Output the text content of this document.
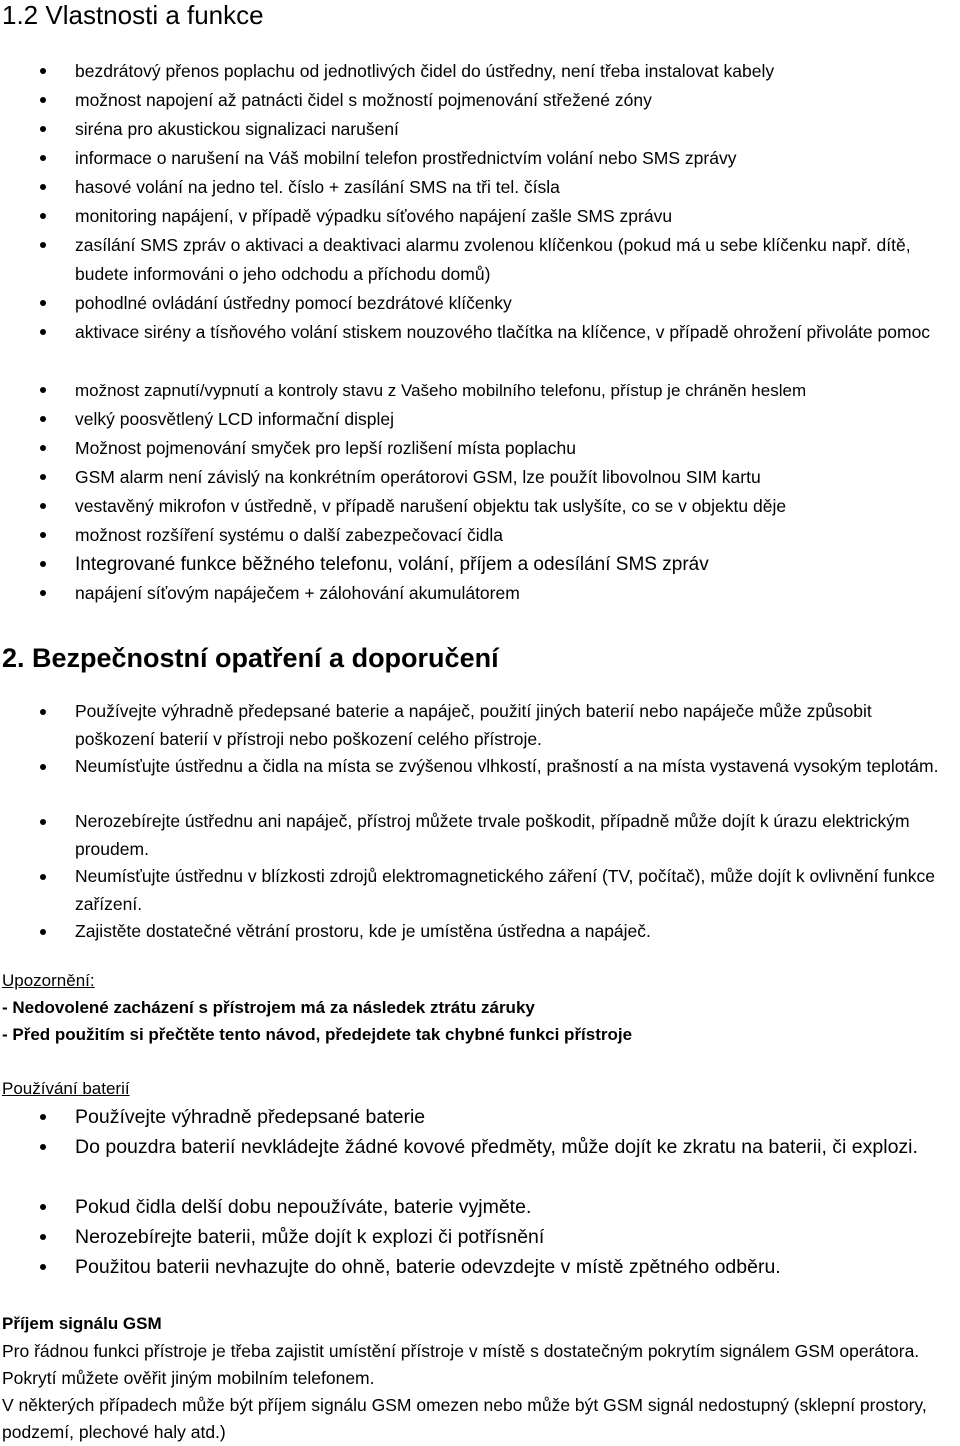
1.2 Vlastnosti a funkce
bezdrátový přenos poplachu od jednotlivých čidel do ústředny, není třeba instalovat kabely
možnost napojení až patnácti čidel s možností pojmenování střežené zóny
siréna pro akustickou signalizaci narušení
informace o narušení na Váš mobilní telefon prostřednictvím volání nebo SMS zprávy
hasové volání na jedno tel. číslo + zasílání SMS na tři tel. čísla
monitoring napájení, v případě výpadku síťového napájení zašle SMS zprávu
zasílání SMS zpráv o aktivaci a deaktivaci alarmu zvolenou klíčenkou (pokud má u sebe klíčenku např. dítě, budete informováni o jeho odchodu a příchodu domů)
pohodlné ovládání ústředny pomocí bezdrátové klíčenky
aktivace sirény a tísňového volání stiskem nouzového tlačítka na klíčence, v případě ohrožení přivoláte pomoc
možnost zapnutí/vypnutí a kontroly stavu z Vašeho mobilního telefonu, přístup je chráněn heslem
velký poosvětlený LCD informační displej
Možnost pojmenování smyček pro lepší rozlišení místa poplachu
GSM alarm není závislý na konkrétním operátorovi GSM, lze použít libovolnou SIM kartu
vestavěný mikrofon v ústředně, v případě narušení objektu tak uslyšíte, co se v objektu děje
možnost rozšíření systému o další zabezpečovací čidla
Integrované funkce běžného telefonu, volání, příjem a odesílání SMS zpráv
napájení síťovým napáječem + zálohování akumulátorem
2. Bezpečnostní opatření a doporučení
Používejte výhradně předepsané baterie a napáječ, použití jiných baterií nebo napáječe může způsobit poškození baterií v přístroji nebo poškození celého přístroje.
Neumísťujte ústřednu a čidla na místa se zvýšenou vlhkostí, prašností a na místa vystavená vysokým teplotám.
Nerozebírejte ústřednu ani napáječ, přístroj můžete trvale poškodit, případně může dojít k úrazu elektrickým proudem.
Neumísťujte ústřednu v blízkosti zdrojů elektromagnetického záření (TV, počítač), může dojít k ovlivnění funkce zařízení.
Zajistěte dostatečné větrání prostoru, kde je umístěna ústředna a napáječ.
Upozornění:
- Nedovolené zacházení s přístrojem má za následek ztrátu záruky
- Před použitím si přečtěte tento návod, předejdete tak chybné funkci přístroje
Používání baterií
Používejte výhradně předepsané baterie
Do pouzdra baterií nevkládejte žádné kovové předměty, může dojít ke zkratu na baterii, či explozi.
Pokud čidla delší dobu nepoužíváte, baterie vyjměte.
Nerozebírejte baterii, může dojít k explozi či potřísnění
Použitou baterii nevhazujte do ohně, baterie odevzdejte v místě zpětného odběru.
Příjem signálu GSM
Pro řádnou funkci přístroje je třeba zajistit umístění přístroje v místě s dostatečným pokrytím signálem GSM operátora. Pokrytí můžete ověřit jiným mobilním telefonem.
V některých případech může být příjem signálu GSM omezen nebo může být GSM signál nedostupný (sklepní prostory, podzemí, plechové haly atd.)
